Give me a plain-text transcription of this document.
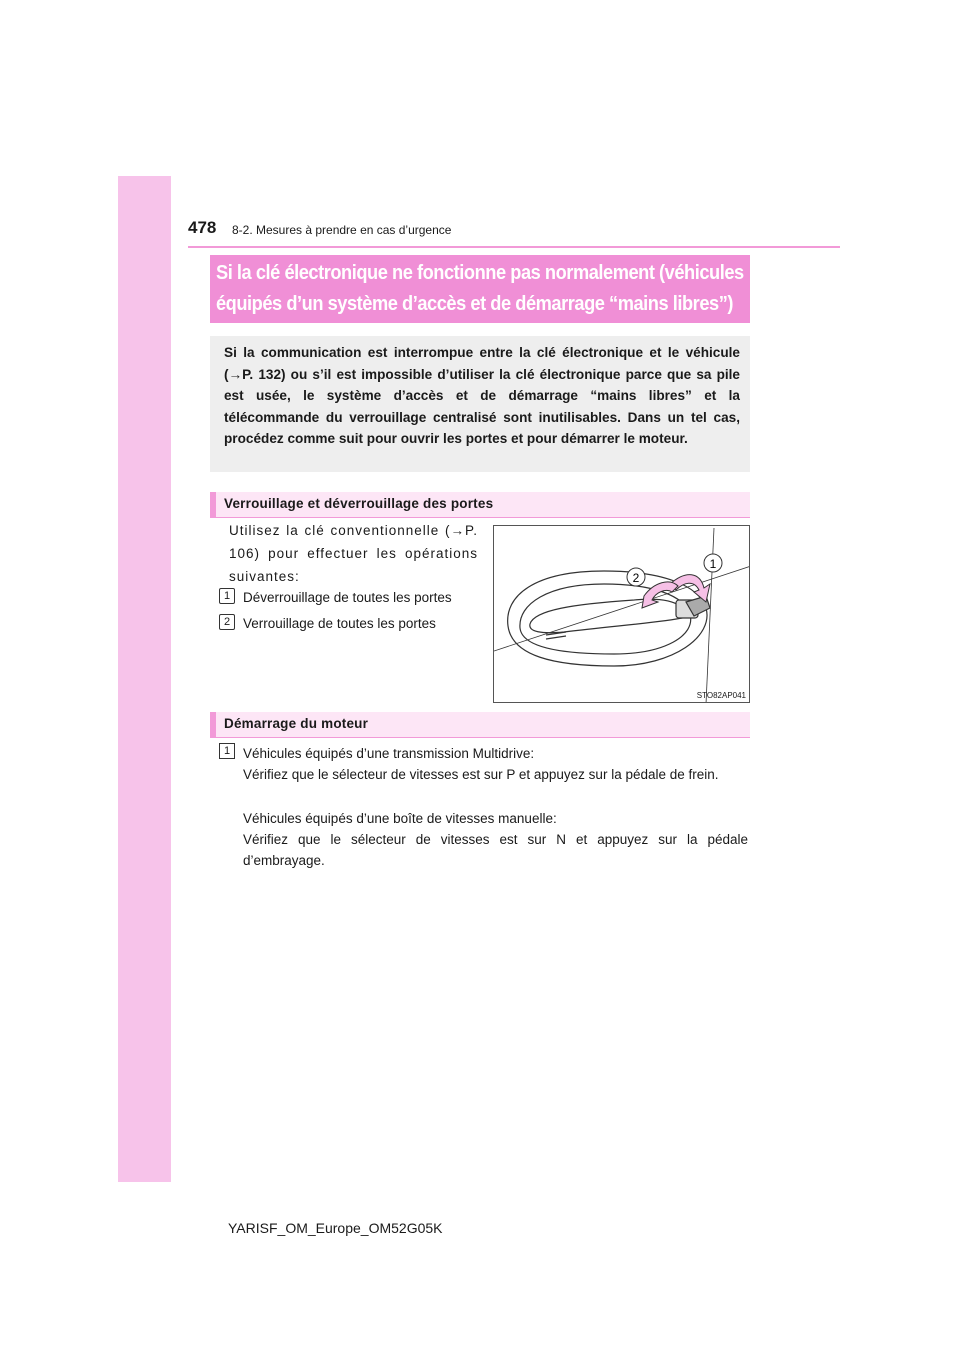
478 8-2. Mesures à prendre en cas d’urgence
Si la clé électronique ne fonctionne pas normalement (véhicules
équipés d’un système d’accès et de démarrage “mains libres”)
Si la communication est interrompue entre la clé électronique et le véhicule (→P. 132) ou s’il est impossible d’utiliser la clé électronique parce que sa pile est usée, le système d’accès et de démarrage “mains libres” et la télécommande du verrouillage centralisé sont inutilisables. Dans un tel cas, procédez comme suit pour ouvrir les portes et pour démarrer le moteur.
Verrouillage et déverrouillage des portes
Utilisez la clé conventionnelle (→P. 106) pour effectuer les opérations suivantes:
1 Déverrouillage de toutes les portes
2 Verrouillage de toutes les portes
1
2
STO82AP041
Démarrage du moteur
1 Véhicules équipés d’une transmission Multidrive:
Vérifiez que le sélecteur de vitesses est sur P et appuyez sur la pédale de frein.
Véhicules équipés d’une boîte de vitesses manuelle:
Vérifiez que le sélecteur de vitesses est sur N et appuyez sur la pédale d’embrayage.
YARISF_OM_Europe_OM52G05K
